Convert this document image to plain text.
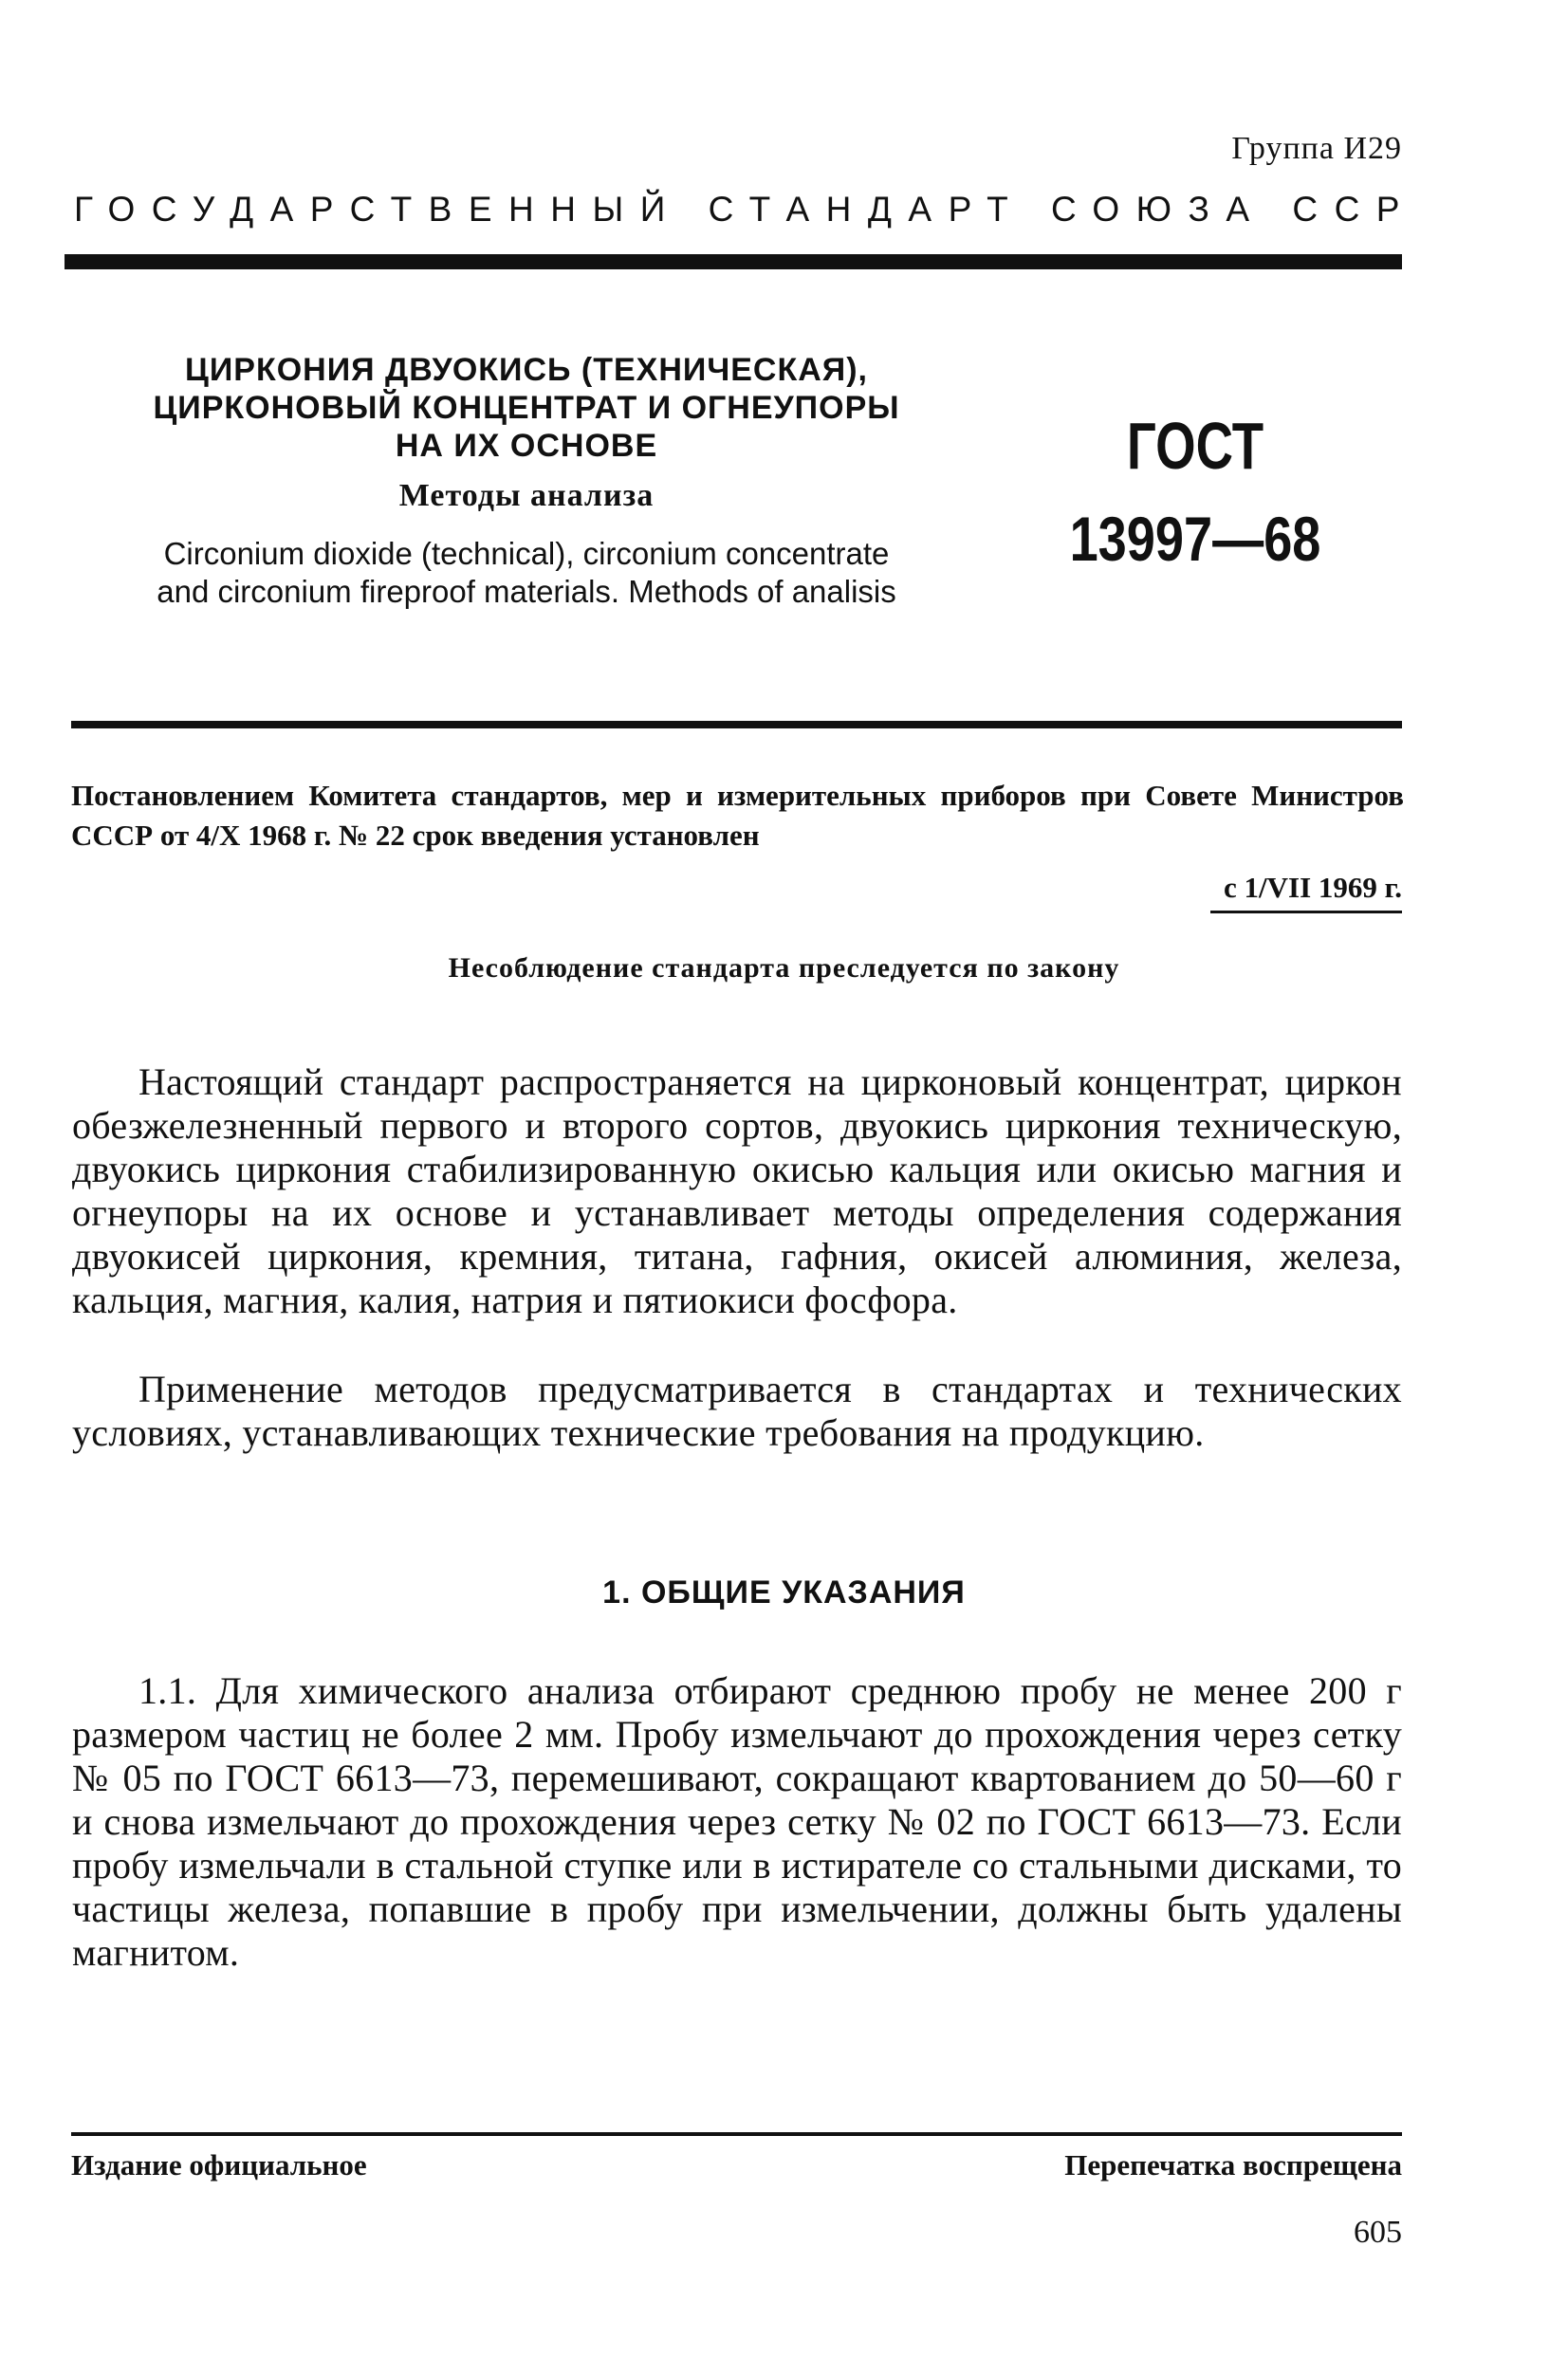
Группа И29
ГОСУДАРСТВЕННЫЙ СТАНДАРТ СОЮЗА ССР
ЦИРКОНИЯ ДВУОКИСЬ (ТЕХНИЧЕСКАЯ),
ЦИРКОНОВЫЙ КОНЦЕНТРАТ И ОГНЕУПОРЫ
НА ИХ ОСНОВЕ
Методы анализа
Circonium dioxide (technical), circonium concentrate
and circonium fireproof materials. Methods of analisis
ГОСТ
13997—68
Постановлением Комитета стандартов, мер и измерительных приборов при Совете Министров СССР от 4/X 1968 г. № 22 срок введения установлен
с 1/VII 1969 г.
Несоблюдение стандарта преследуется по закону
Настоящий стандарт распространяется на цирконовый концентрат, циркон обезжелезненный первого и второго сортов, двуокись циркония техническую, двуокись циркония стабилизированную окисью кальция или окисью магния и огнеупоры на их основе и устанавливает методы определения содержания двуокисей циркония, кремния, титана, гафния, окисей алюминия, железа, кальция, магния, калия, натрия и пятиокиси фосфора.
Применение методов предусматривается в стандартах и технических условиях, устанавливающих технические требования на продукцию.
1. ОБЩИЕ УКАЗАНИЯ
1.1. Для химического анализа отбирают среднюю пробу не менее 200 г размером частиц не более 2 мм. Пробу измельчают до прохождения через сетку № 05 по ГОСТ 6613—73, перемешивают, сокращают квартованием до 50—60 г и снова измельчают до прохождения через сетку № 02 по ГОСТ 6613—73. Если пробу измельчали в стальной ступке или в истирателе со стальными дисками, то частицы железа, попавшие в пробу при измельчении, должны быть удалены магнитом.
Издание официальное	Перепечатка воспрещена
605
